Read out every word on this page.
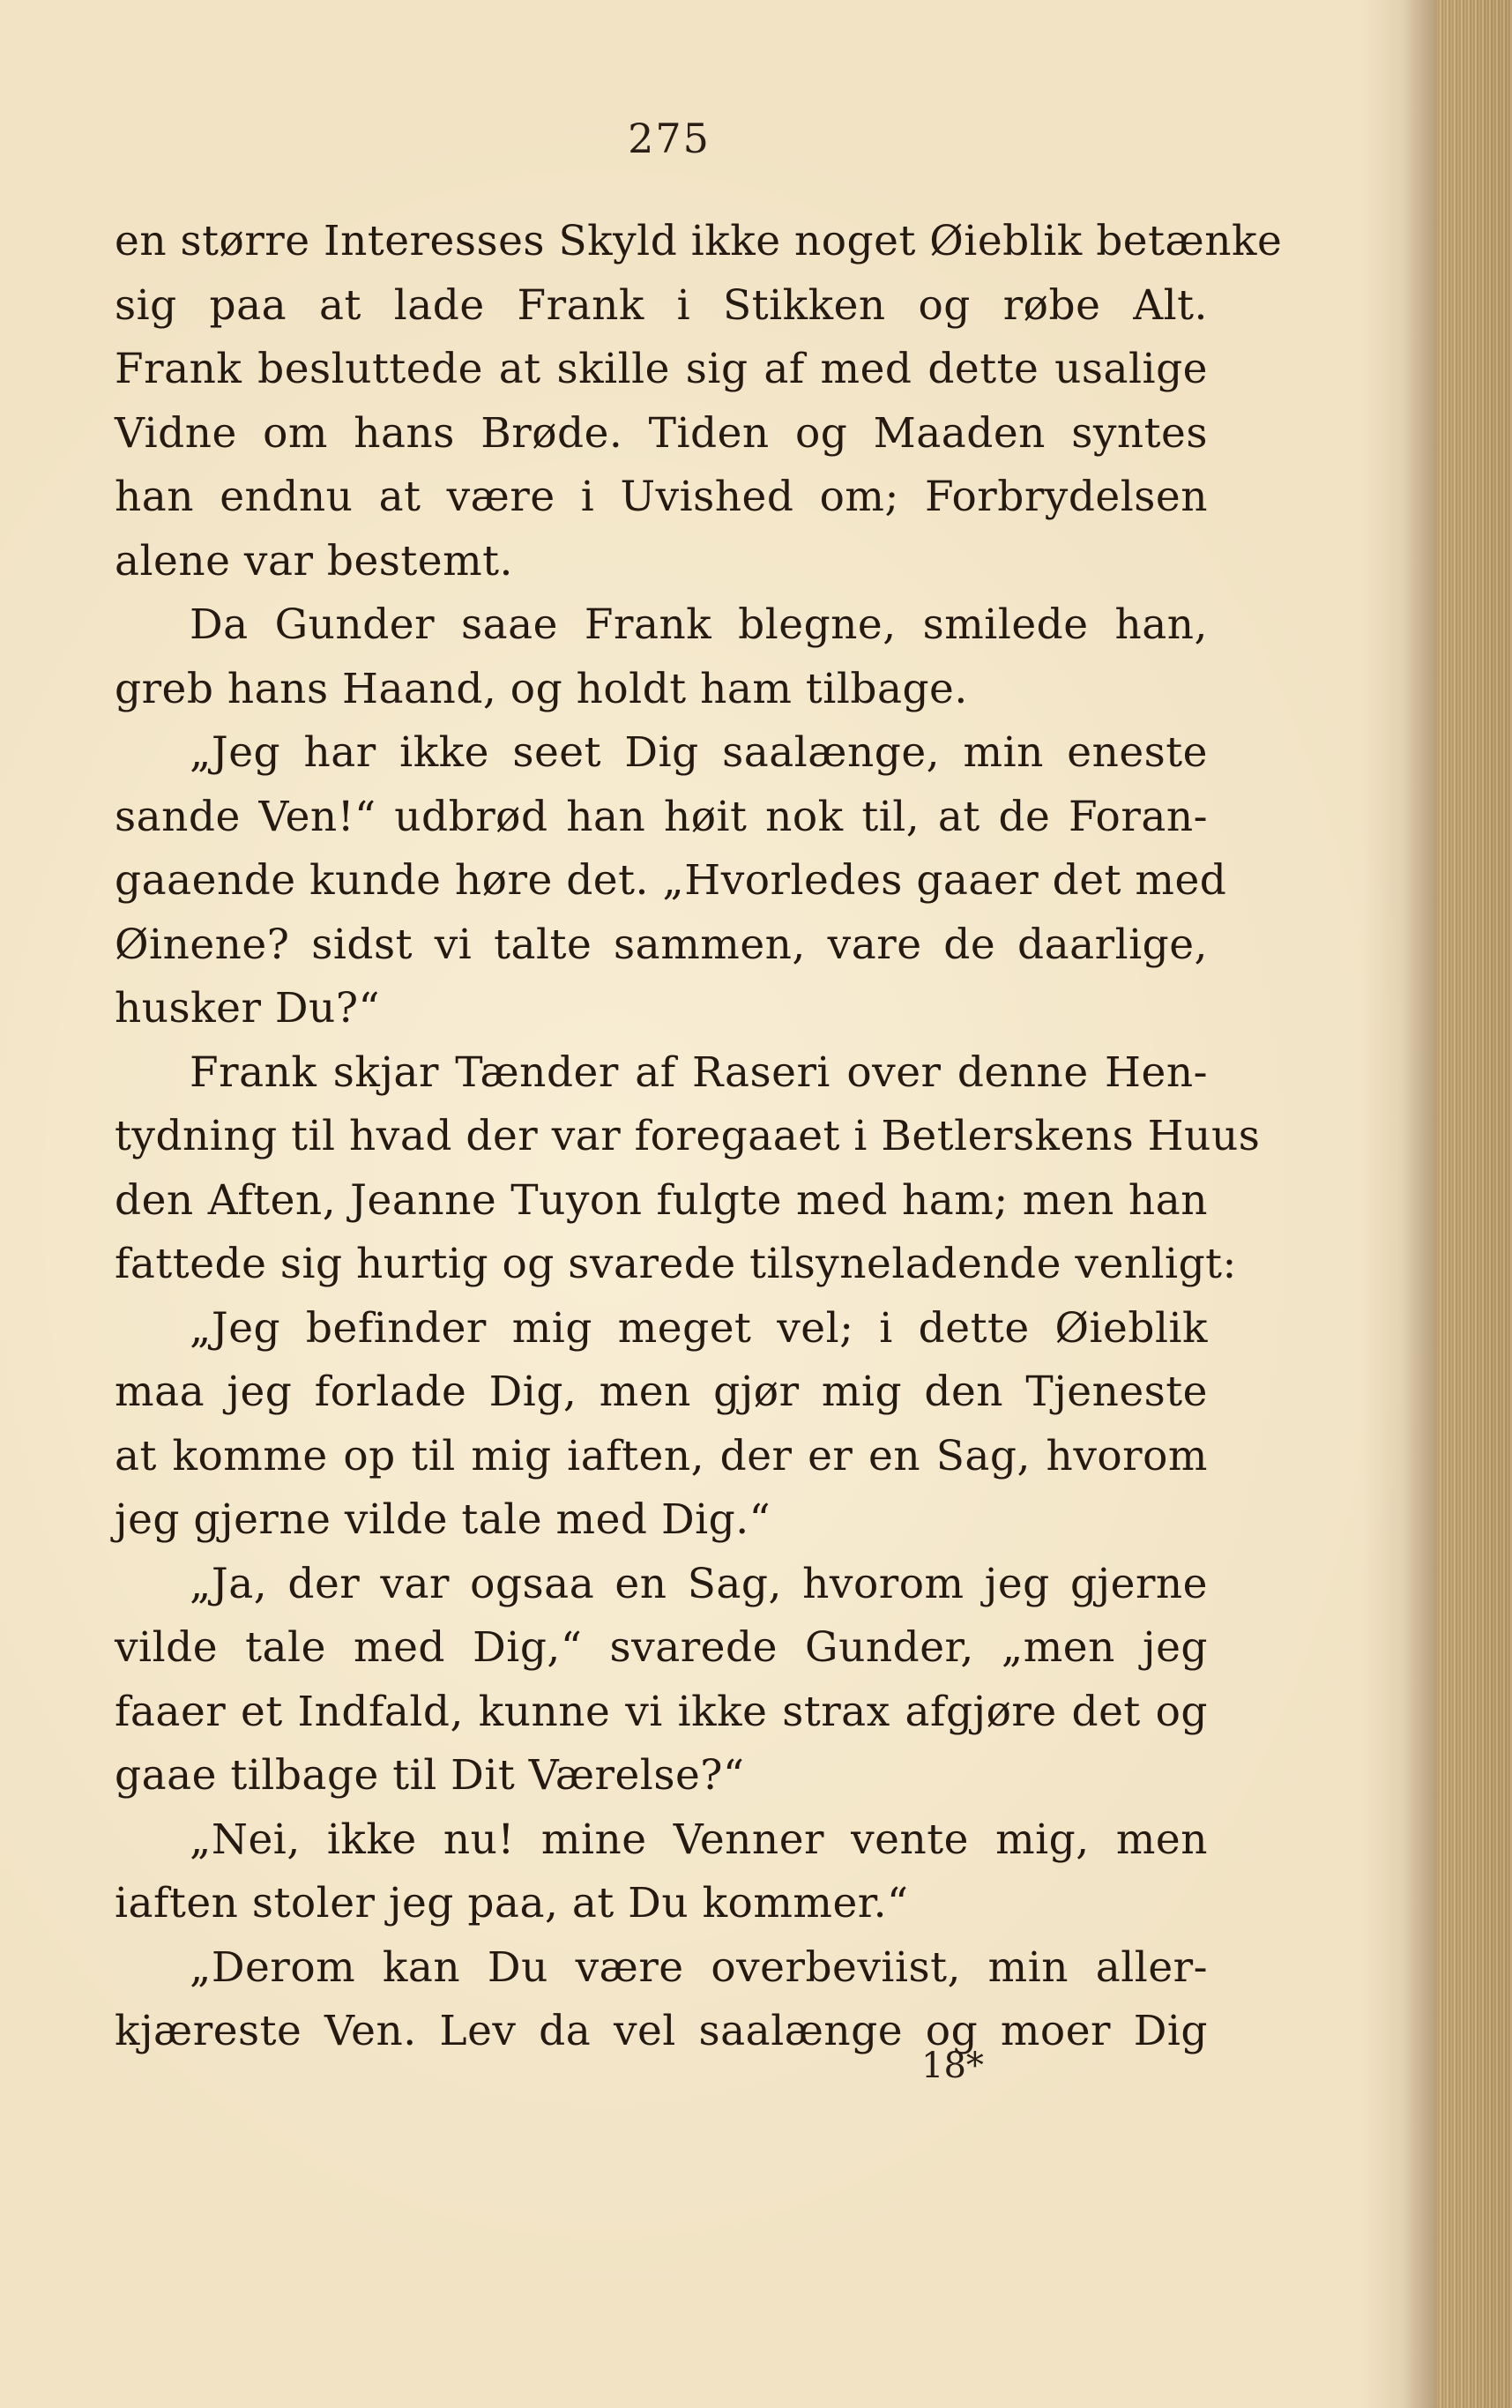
275
en større Interesses Skyld ikke noget Øieblik betænke
sig paa at lade Frank i Stikken og røbe Alt.
Frank besluttede at skille sig af med dette usalige
Vidne om hans Brøde. Tiden og Maaden syntes
han endnu at være i Uvished om; Forbrydelsen
alene var bestemt.
Da Gunder saae Frank blegne, smilede han,
greb hans Haand, og holdt ham tilbage.
„Jeg har ikke seet Dig saalænge, min eneste
sande Ven!“ udbrød han høit nok til, at de Foran-
gaaende kunde høre det. „Hvorledes gaaer det med
Øinene? sidst vi talte sammen, vare de daarlige,
husker Du?“
Frank skjar Tænder af Raseri over denne Hen-
tydning til hvad der var foregaaet i Betlerskens Huus
den Aften, Jeanne Tuyon fulgte med ham; men han
fattede sig hurtig og svarede tilsyneladende venligt:
„Jeg befinder mig meget vel; i dette Øieblik
maa jeg forlade Dig, men gjør mig den Tjeneste
at komme op til mig iaften, der er en Sag, hvorom
jeg gjerne vilde tale med Dig.“
„Ja, der var ogsaa en Sag, hvorom jeg gjerne
vilde tale med Dig,“ svarede Gunder, „men jeg
faaer et Indfald, kunne vi ikke strax afgjøre det og
gaae tilbage til Dit Værelse?“
„Nei, ikke nu! mine Venner vente mig, men
iaften stoler jeg paa, at Du kommer.“
„Derom kan Du være overbeviist, min aller-
kjæreste Ven. Lev da vel saalænge og moer Dig
18*
